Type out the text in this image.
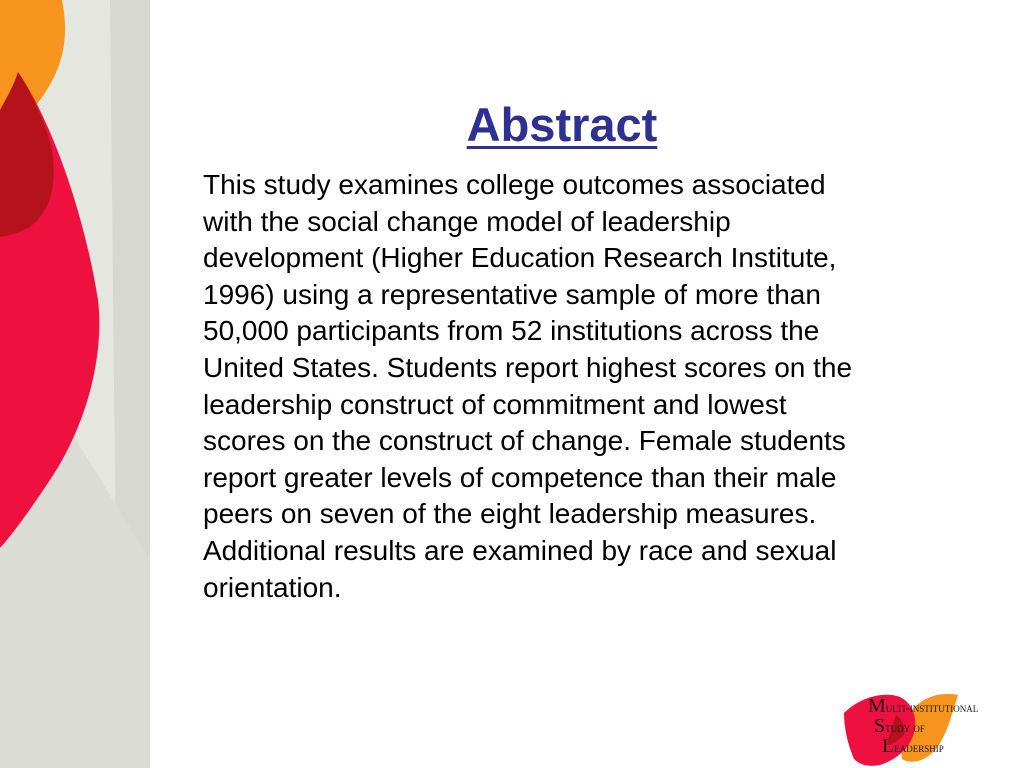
Abstract
This study examines college outcomes associated
with the social change model of leadership
development (Higher Education Research Institute,
1996) using a representative sample of more than
50,000 participants from 52 institutions across the
United States. Students report highest scores on the
leadership construct of commitment and lowest
scores on the construct of change. Female students
report greater levels of competence than their male
peers on seven of the eight leadership measures.
Additional results are examined by race and sexual
orientation.
Multi-institutional
Study of
Leadership
